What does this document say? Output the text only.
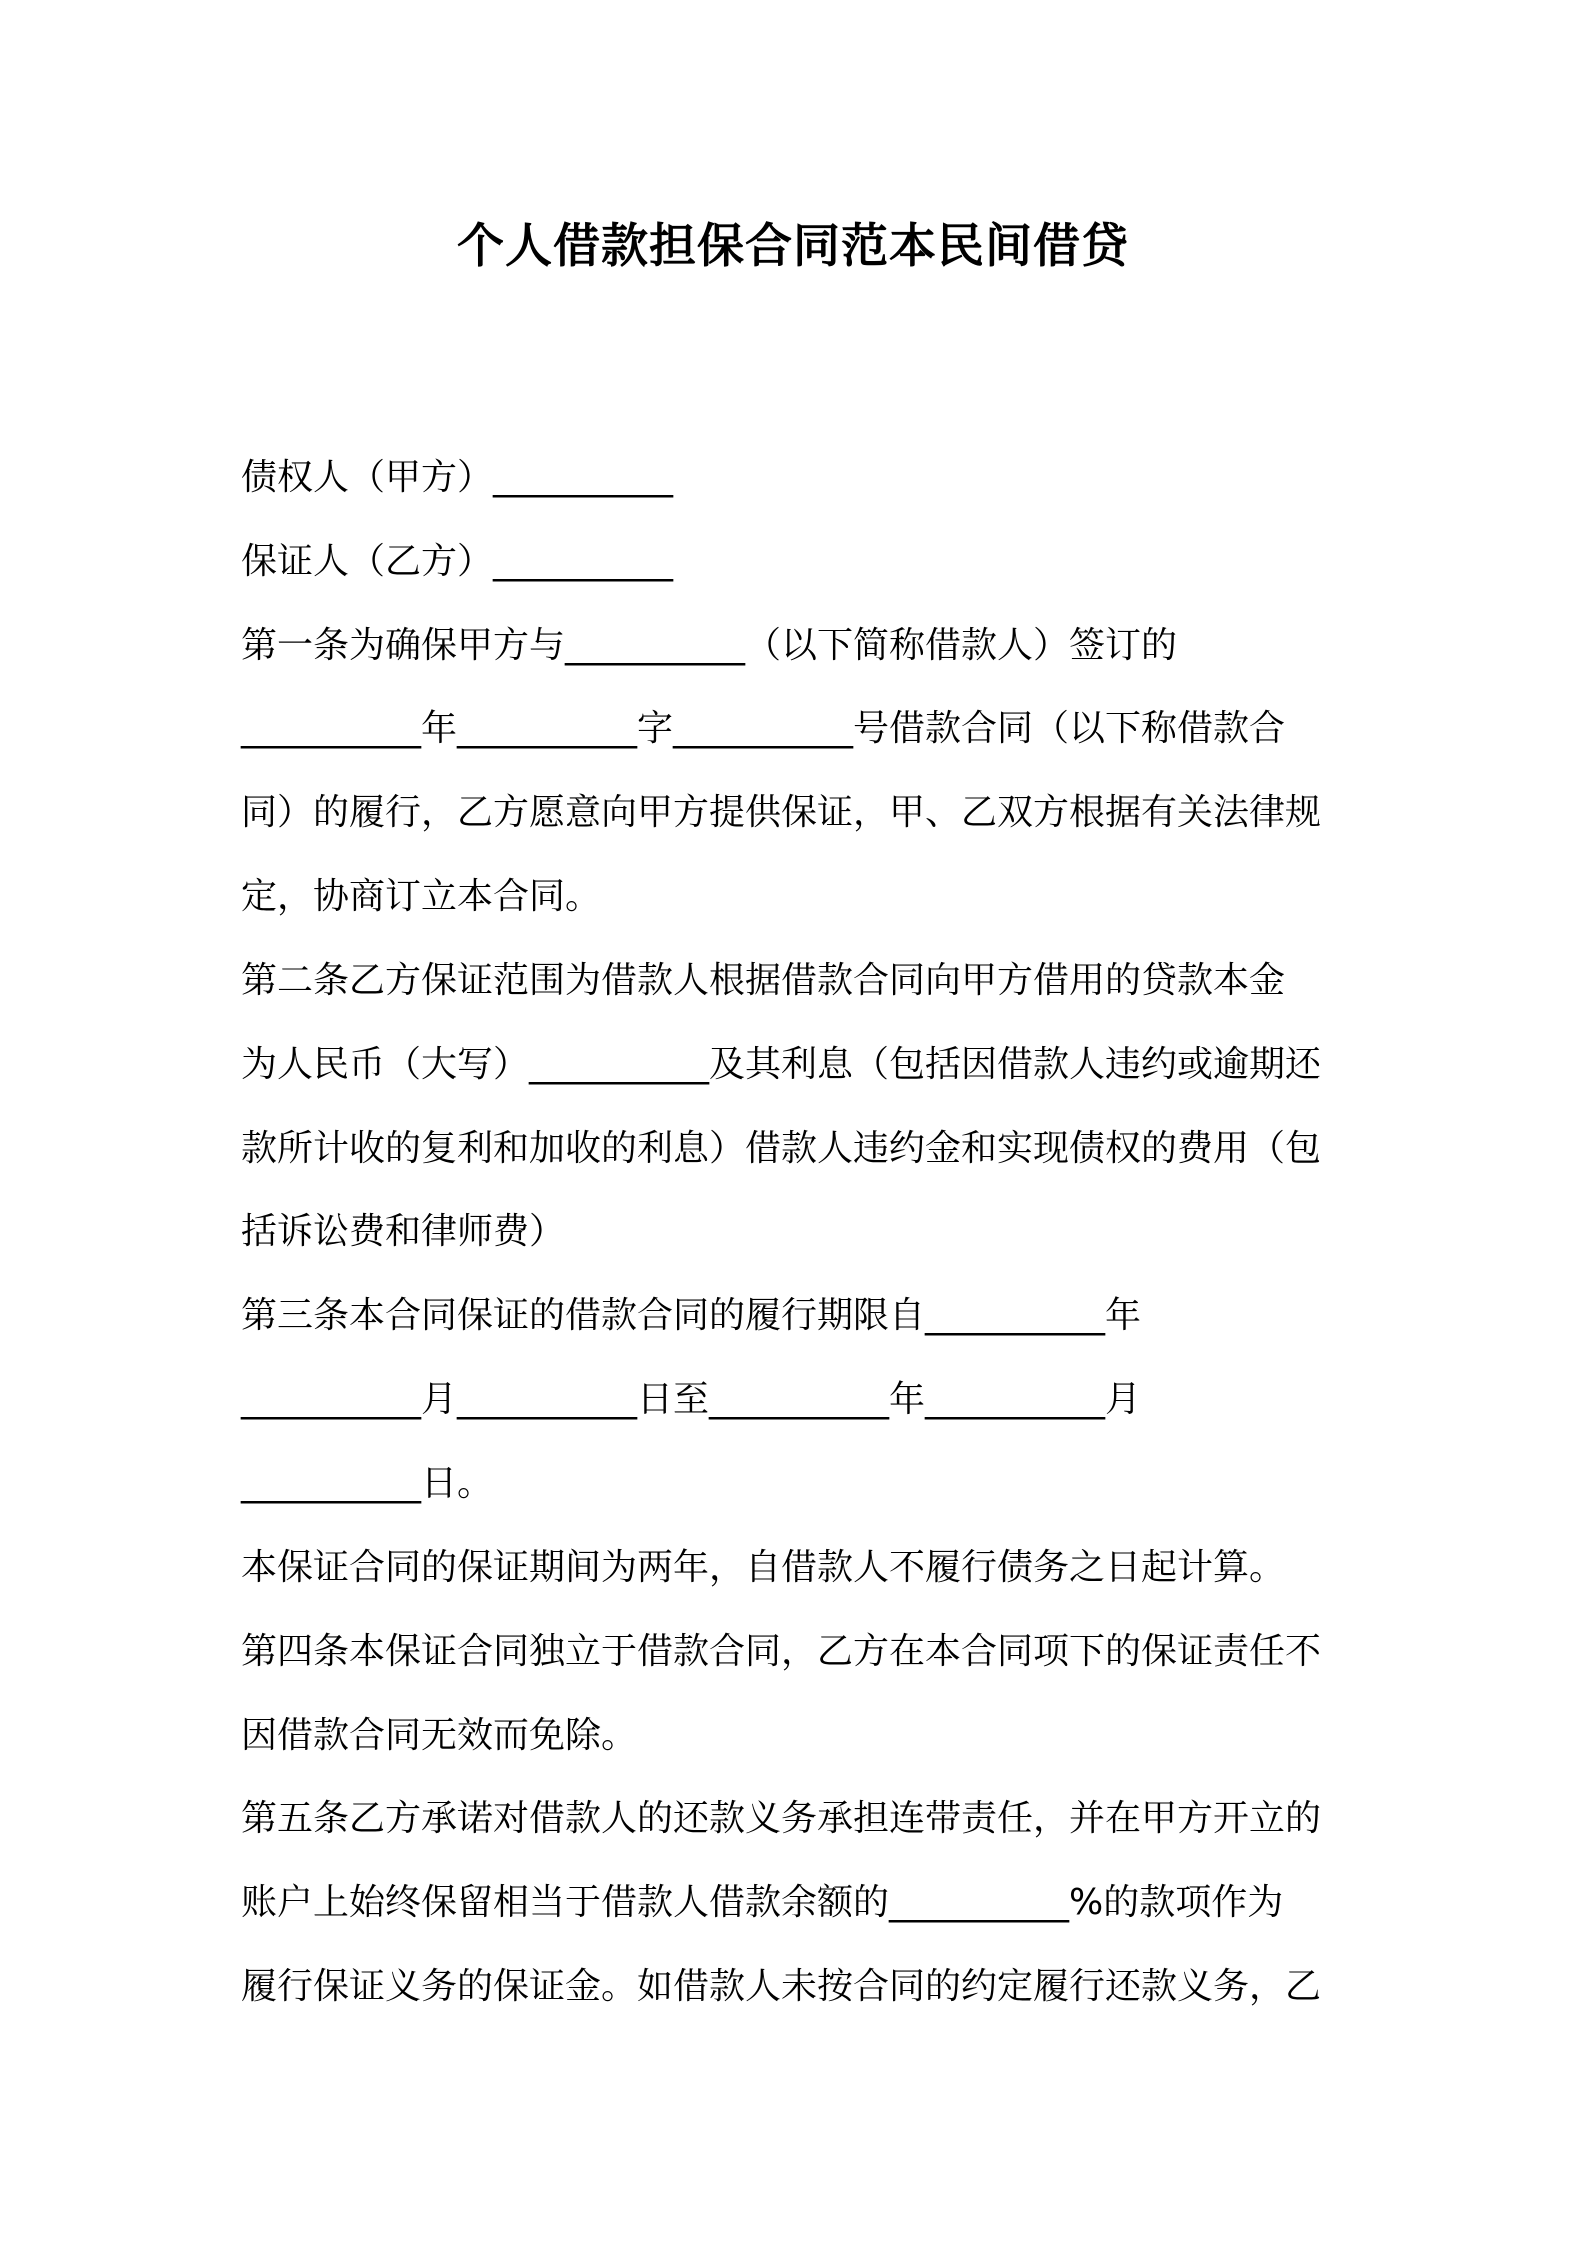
个人借款担保合同范本民间借贷
债权人（甲方）__________
保证人（乙方）__________
第一条为确保甲方与__________（以下简称借款人）签订的
__________年__________字__________号借款合同（以下称借款合
同）的履行，乙方愿意向甲方提供保证，甲、乙双方根据有关法律规
定，协商订立本合同。
第二条乙方保证范围为借款人根据借款合同向甲方借用的贷款本金
为人民币（大写）__________及其利息（包括因借款人违约或逾期还
款所计收的复利和加收的利息）借款人违约金和实现债权的费用（包
括诉讼费和律师费）
第三条本合同保证的借款合同的履行期限自__________年
__________月__________日至__________年__________月
__________日。
本保证合同的保证期间为两年，自借款人不履行债务之日起计算。
第四条本保证合同独立于借款合同，乙方在本合同项下的保证责任不
因借款合同无效而免除。
第五条乙方承诺对借款人的还款义务承担连带责任，并在甲方开立的
账户上始终保留相当于借款人借款余额的__________%的款项作为
履行保证义务的保证金。如借款人未按合同的约定履行还款义务，乙
